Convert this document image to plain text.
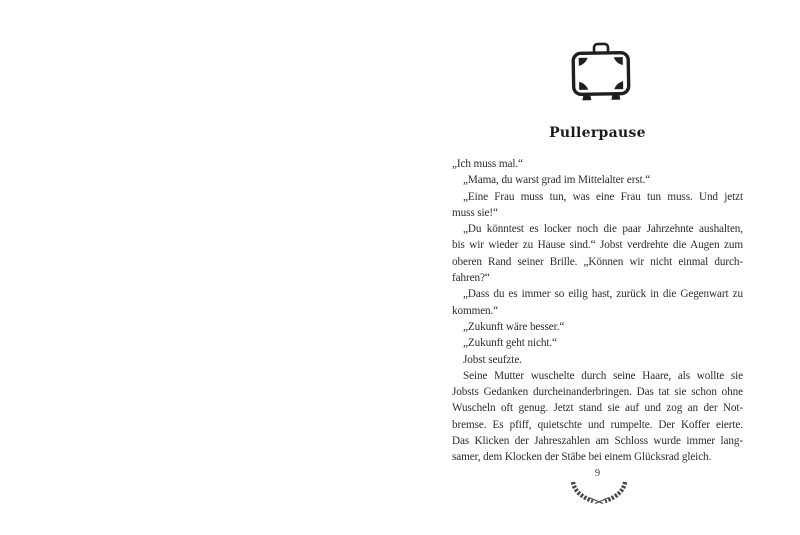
Pullerpause
„Ich muss mal.“
„Mama, du warst grad im Mittelalter erst.“
„Eine Frau muss tun, was eine Frau tun muss. Und jetzt
muss sie!“
„Du könntest es locker noch die paar Jahrzehnte aushalten,
bis wir wieder zu Hause sind.“ Jobst verdrehte die Augen zum
oberen Rand seiner Brille. „Können wir nicht einmal durch-
fahren?“
„Dass du es immer so eilig hast, zurück in die Gegenwart zu
kommen.“
„Zukunft wäre besser.“
„Zukunft geht nicht.“
Jobst seufzte.
Seine Mutter wuschelte durch seine Haare, als wollte sie
Jobsts Gedanken durcheinanderbringen. Das tat sie schon ohne
Wuscheln oft genug. Jetzt stand sie auf und zog an der Not-
bremse. Es pfiff, quietschte und rumpelte. Der Koffer eierte.
Das Klicken der Jahreszahlen am Schloss wurde immer lang-
samer, dem Klocken der Stäbe bei einem Glücksrad gleich.
9
